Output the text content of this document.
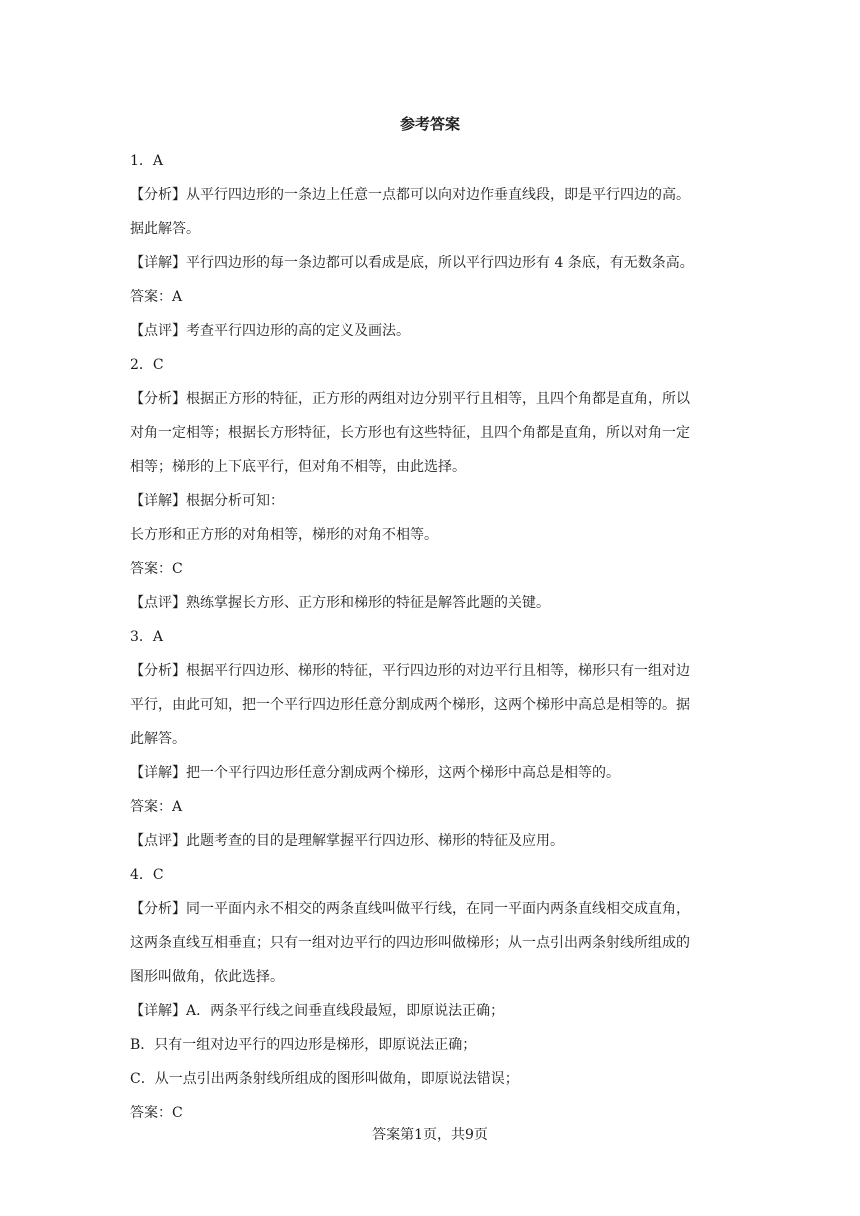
参考答案
1．A
【分析】从平行四边形的一条边上任意一点都可以向对边作垂直线段，即是平行四边的高。
据此解答。
【详解】平行四边形的每一条边都可以看成是底，所以平行四边形有 4 条底，有无数条高。
答案：A
【点评】考查平行四边形的高的定义及画法。
2．C
【分析】根据正方形的特征，正方形的两组对边分别平行且相等，且四个角都是直角，所以
对角一定相等；根据长方形特征，长方形也有这些特征，且四个角都是直角，所以对角一定
相等；梯形的上下底平行，但对角不相等，由此选择。
【详解】根据分析可知：
长方形和正方形的对角相等，梯形的对角不相等。
答案：C
【点评】熟练掌握长方形、正方形和梯形的特征是解答此题的关键。
3．A
【分析】根据平行四边形、梯形的特征，平行四边形的对边平行且相等，梯形只有一组对边
平行，由此可知，把一个平行四边形任意分割成两个梯形，这两个梯形中高总是相等的。据
此解答。
【详解】把一个平行四边形任意分割成两个梯形，这两个梯形中高总是相等的。
答案：A
【点评】此题考查的目的是理解掌握平行四边形、梯形的特征及应用。
4．C
【分析】同一平面内永不相交的两条直线叫做平行线，在同一平面内两条直线相交成直角，
这两条直线互相垂直；只有一组对边平行的四边形叫做梯形；从一点引出两条射线所组成的
图形叫做角，依此选择。
【详解】A．两条平行线之间垂直线段最短，即原说法正确；
B．只有一组对边平行的四边形是梯形，即原说法正确；
C．从一点引出两条射线所组成的图形叫做角，即原说法错误；
答案：C
答案第1页，共9页
